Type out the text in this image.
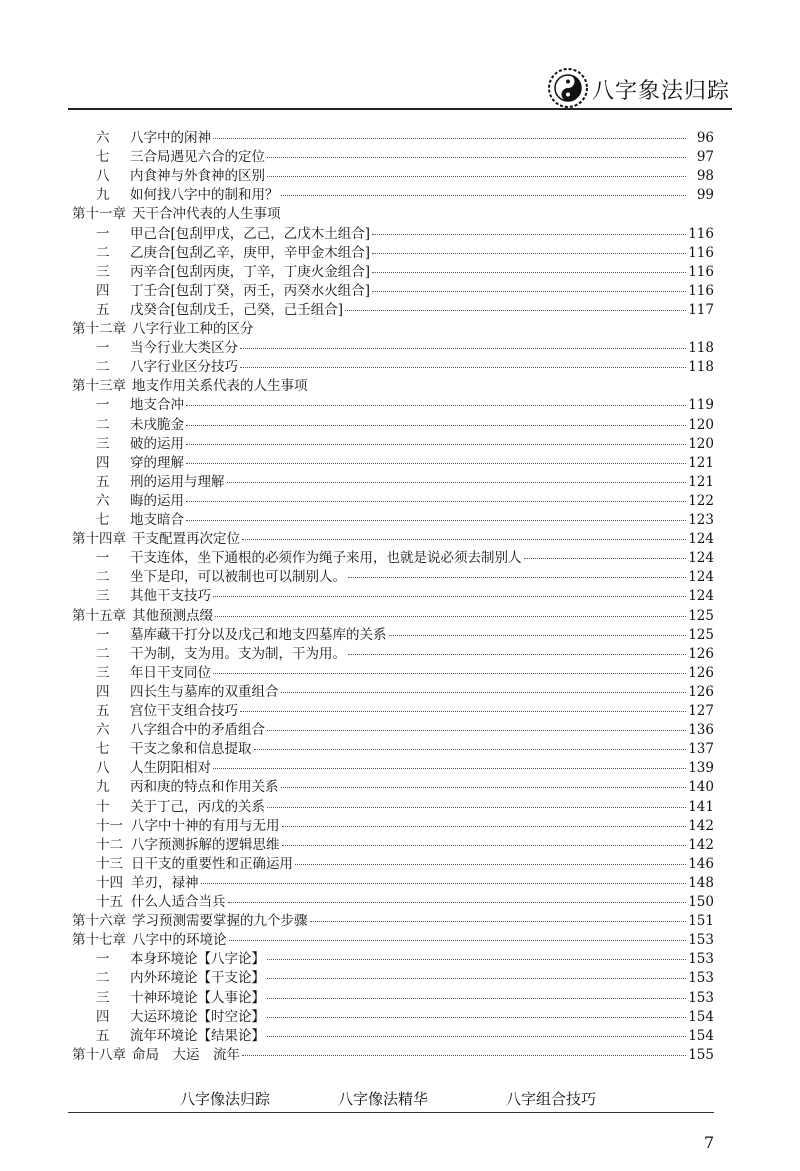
八字象法归踪
六	八字中的闲神	96
七	三合局遇见六合的定位	97
八	内食神与外食神的区别	98
九	如何找八字中的制和用？	99
第十一章 天干合冲代表的人生事项
一	甲己合[包刮甲戊，乙己，乙戊木土组合]	116
二	乙庚合[包刮乙辛，庚甲，辛甲金木组合]	116
三	丙辛合[包刮丙庚，丁辛，丁庚火金组合]	116
四	丁壬合[包刮丁癸，丙壬，丙癸水火组合]	116
五	戊癸合[包刮戊壬，己癸，己壬组合]	117
第十二章 八字行业工种的区分
一	当今行业大类区分	118
二	八字行业区分技巧	118
第十三章 地支作用关系代表的人生事项
一	地支合冲	119
二	未戌脆金	120
三	破的运用	120
四	穿的理解	121
五	刑的运用与理解	121
六	晦的运用	122
七	地支暗合	123
第十四章 干支配置再次定位	124
一	干支连体，坐下通根的必须作为绳子来用，也就是说必须去制别人	124
二	坐下是印，可以被制也可以制别人。	124
三	其他干支技巧	124
第十五章 其他预测点缀	125
一	墓库藏干打分以及戊己和地支四墓库的关系	125
二	干为制，支为用。支为制，干为用。	126
三	年日干支同位	126
四	四长生与墓库的双重组合	126
五	宫位干支组合技巧	127
六	八字组合中的矛盾组合	136
七	干支之象和信息提取	137
八	人生阴阳相对	139
九	丙和庚的特点和作用关系	140
十	关于丁己，丙戊的关系	141
十一 八字中十神的有用与无用	142
十二 八字预测拆解的逻辑思维	142
十三 日干支的重要性和正确运用	146
十四 羊刃，禄神	148
十五 什么人适合当兵	150
第十六章 学习预测需要掌握的九个步骤	151
第十七章 八字中的环境论	153
一	本身环境论【八字论】	153
二	内外环境论【干支论】	153
三	十神环境论【人事论】	153
四	大运环境论【时空论】	154
五	流年环境论【结果论】	154
第十八章 命局　大运　流年	155
八字像法归踪	八字像法精华	八字组合技巧
7
